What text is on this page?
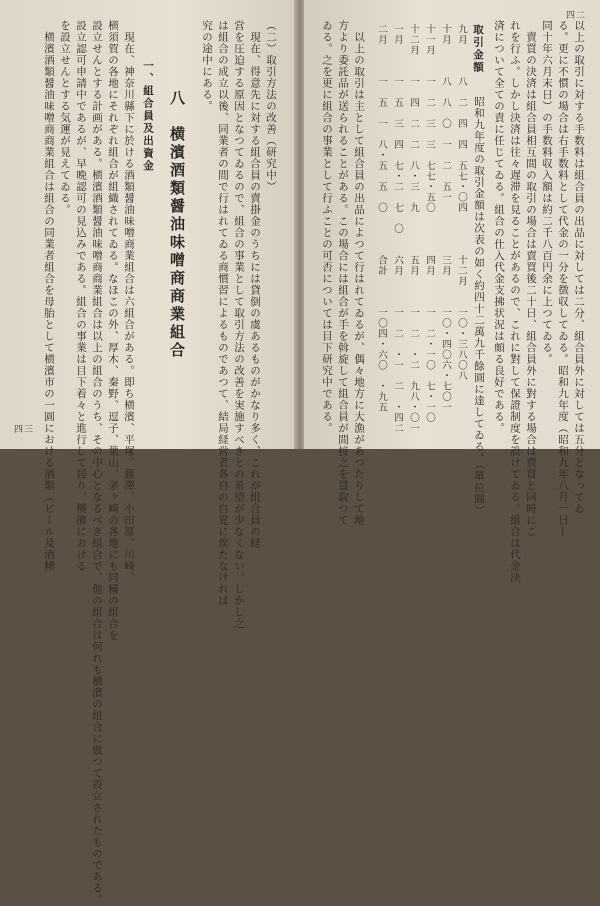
（二）取引方法の改善（研究中）
　現在、得意先に対する組合員の賣掛金のうちには貸倒の虞あるものがかなり多く、これが組合員の経
営を圧迫する原因となつてゐるので、組合の事業として取引方法の改善を実施すべきとの希望が少なくない。しかし之
は組合の成立以後、同業者の間で行はれてゐる商慣習によるものであつて、結局経営者各自の自覚に俟たなければ
究の途中にある。
八　横濱酒類醤油味噌商商業組合
一、組合員及出資金
　現在、神奈川縣下に於ける酒類醤油味噌商業組合は六組合がある。即ち横濱、平塚、藤澤、小田原、川崎、
横須賀の各地にそれぞれ組合が組織されてゐる。なほこの外、厚木、秦野、逗子、葉山、茅ヶ崎の各地にも同種の組合を
設立せんとする計画がある。横濱酒類醤油味噌商商業組合は以上の組合のうち、その中心となるべき組合で、他の組合は何れも横濱の組合に倣つて設立されたものである。
設立認可申請中であるが、早晩認可の見込みである。組合の事業は目下着々と進行して居り、横濱における
を設立せんとする気運が見えてゐる。
　横濱酒類醤油味噌商商業組合は組合の同業者組合を母胎として横濱市の一圓における酒類（ビール及酒精
四三	以上の取引に対する手数料は組合員の出品に対しては二分、組合員外に対しては五分となってゐ
る。更に不慣の場合は右手数料として代金の一分を徴収してゐる。昭和九年度（昭和九年八月一日―
同十年六月末日）の手数料収入額は約二千八百円余に上つてゐる。
　賣買の決済は組合員相互間の取引の場合は賣買後二十日、組合員外に對する場合は賣買と同時にこ
れを行ふ。しかし決済は往々遅滞を見ることがあるので、これに對して保證制度を設けてゐる。組合は代金決
済について全ての責に任じてゐる。組合の仕入代金支拂状況は頗る良好である。
取引金額
昭和九年度の取引金額は次表の如く約四十二萬九千餘圓に達してゐる。（單位圓）
九月　　　八　二　四　四　五七・〇四　　　　十二月　　一〇・三八〇八
十月　　　八　八　〇　一　二　五一　　　　　三月　　　一〇・四〇六・七〇一
十一月　　一　二　三　三　七七・五〇　　　　四月　　　一　二・一〇　七・一〇
十二月　　一　四　二　二　八・三　九　　　　五月　　　一　二　・二　九八・〇一
一月　　　一　五　三　四　七・二　七　〇　　六月　　　一　二　・一　二　・四二
二月　　　一　五　一　八・五　五　〇　　　　合計　　　一〇四・六〇　・九五
　以上の取引は主として組合員の出品によつて行はれてゐるが、偶々地方に大漁があつたりして地
方より委託品が送られることがある。この場合には組合が手を斡旋して組合員が間接之を買取つて
ゐる。之を更に組合の事業として行ふことの可否については目下研究中である。
四二
